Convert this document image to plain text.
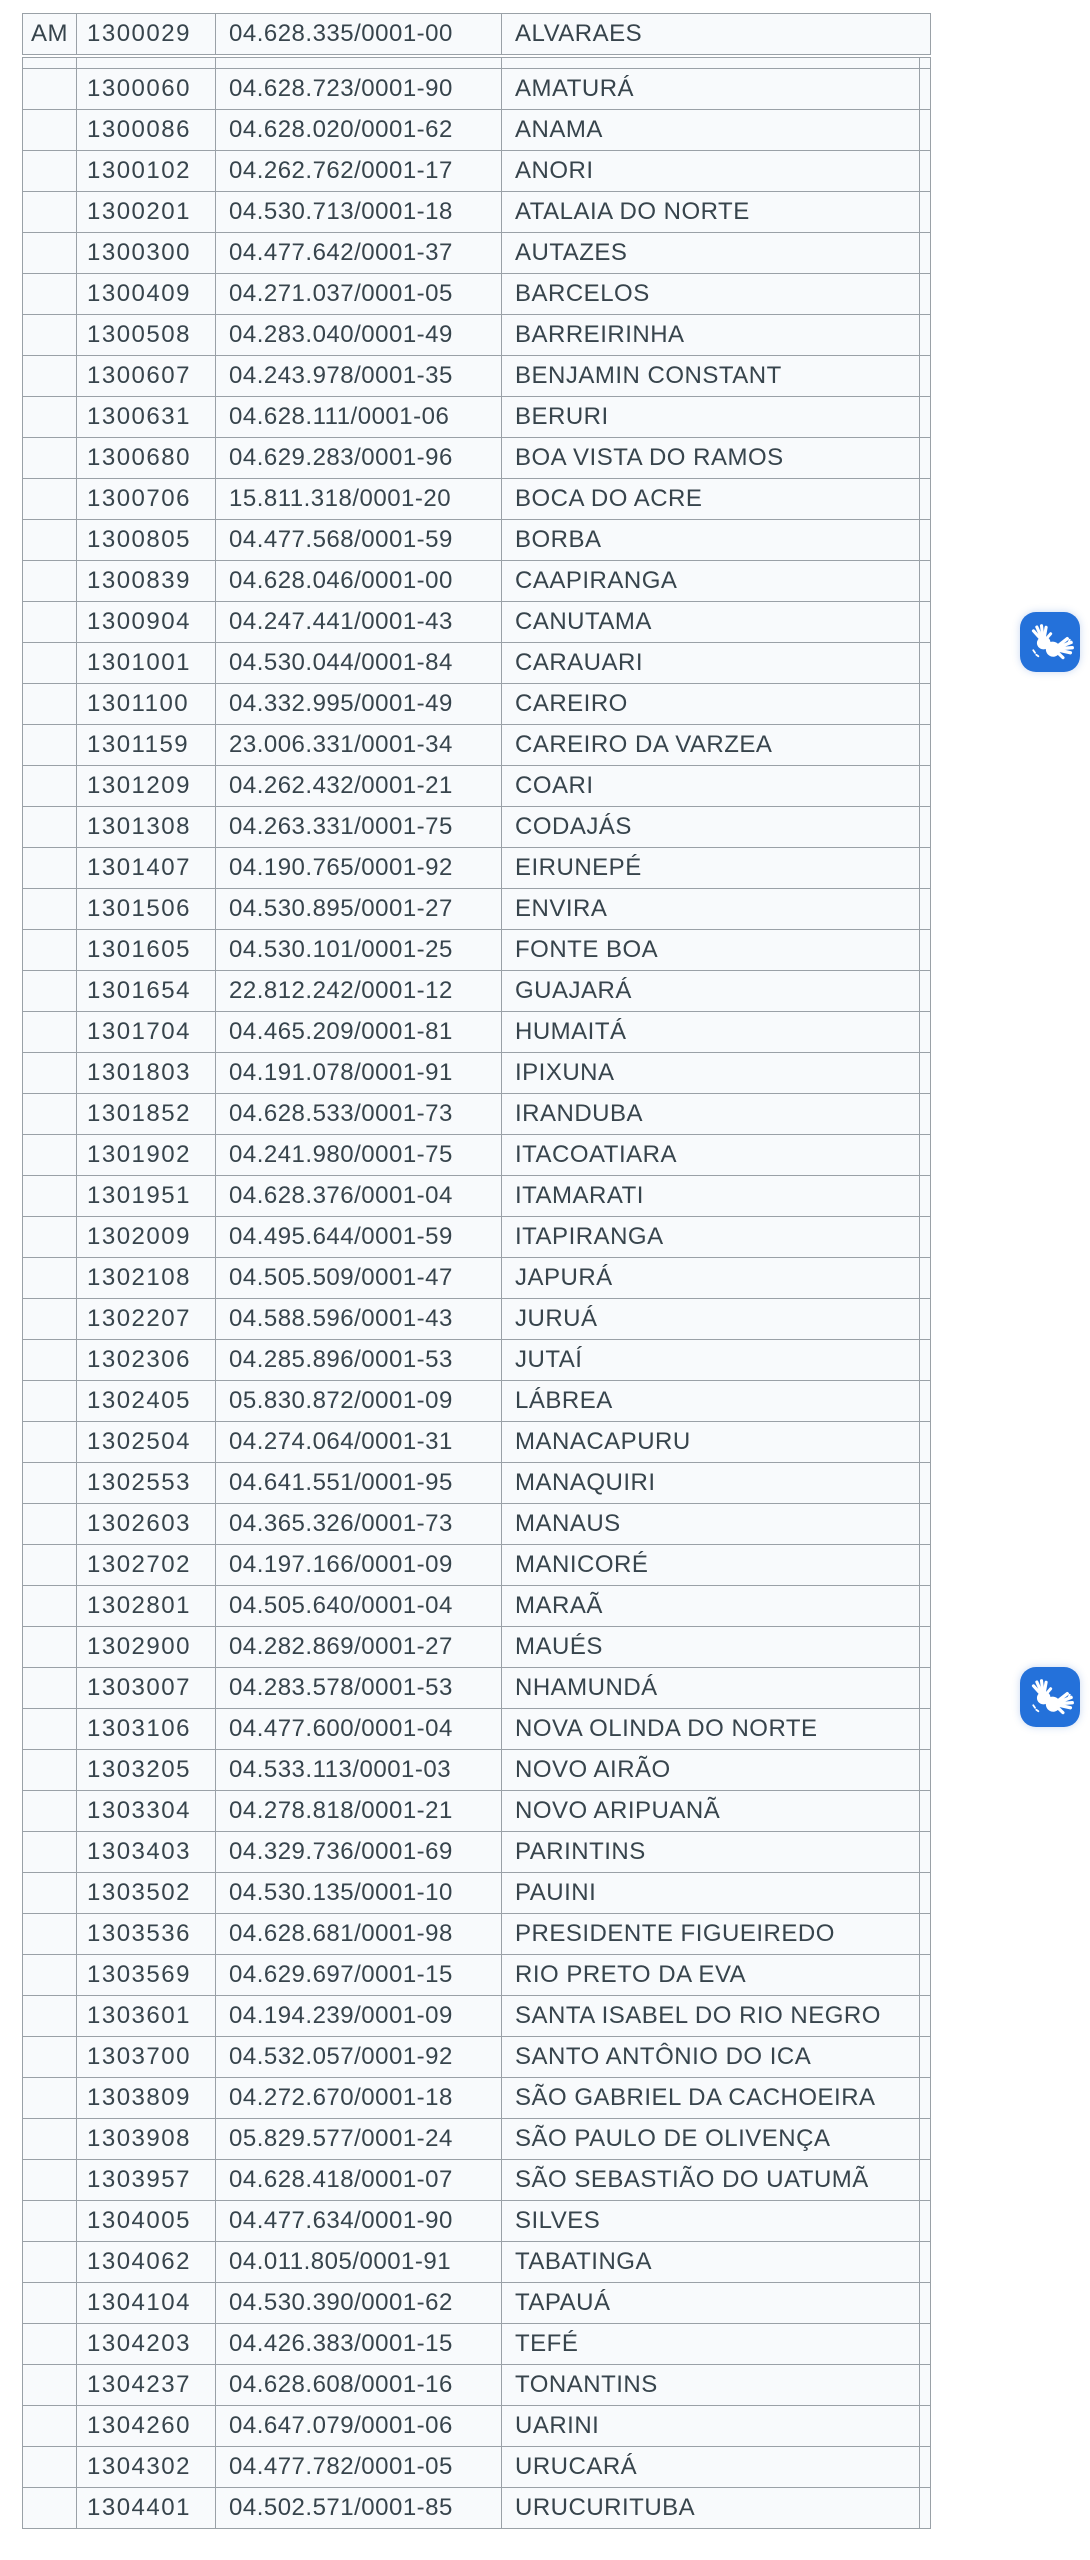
AM	1300029	04.628.335/0001-00	ALVARAES

	1300060	04.628.723/0001-90	AMATURÁ	
	1300086	04.628.020/0001-62	ANAMA	
	1300102	04.262.762/0001-17	ANORI	
	1300201	04.530.713/0001-18	ATALAIA DO NORTE	
	1300300	04.477.642/0001-37	AUTAZES	
	1300409	04.271.037/0001-05	BARCELOS	
	1300508	04.283.040/0001-49	BARREIRINHA	
	1300607	04.243.978/0001-35	BENJAMIN CONSTANT	
	1300631	04.628.111/0001-06	BERURI	
	1300680	04.629.283/0001-96	BOA VISTA DO RAMOS	
	1300706	15.811.318/0001-20	BOCA DO ACRE	
	1300805	04.477.568/0001-59	BORBA	
	1300839	04.628.046/0001-00	CAAPIRANGA	
	1300904	04.247.441/0001-43	CANUTAMA	
	1301001	04.530.044/0001-84	CARAUARI	
	1301100	04.332.995/0001-49	CAREIRO	
	1301159	23.006.331/0001-34	CAREIRO DA VARZEA	
	1301209	04.262.432/0001-21	COARI	
	1301308	04.263.331/0001-75	CODAJÁS	
	1301407	04.190.765/0001-92	EIRUNEPÉ	
	1301506	04.530.895/0001-27	ENVIRA	
	1301605	04.530.101/0001-25	FONTE BOA	
	1301654	22.812.242/0001-12	GUAJARÁ	
	1301704	04.465.209/0001-81	HUMAITÁ	
	1301803	04.191.078/0001-91	IPIXUNA	
	1301852	04.628.533/0001-73	IRANDUBA	
	1301902	04.241.980/0001-75	ITACOATIARA	
	1301951	04.628.376/0001-04	ITAMARATI	
	1302009	04.495.644/0001-59	ITAPIRANGA	
	1302108	04.505.509/0001-47	JAPURÁ	
	1302207	04.588.596/0001-43	JURUÁ	
	1302306	04.285.896/0001-53	JUTAÍ	
	1302405	05.830.872/0001-09	LÁBREA	
	1302504	04.274.064/0001-31	MANACAPURU	
	1302553	04.641.551/0001-95	MANAQUIRI	
	1302603	04.365.326/0001-73	MANAUS	
	1302702	04.197.166/0001-09	MANICORÉ	
	1302801	04.505.640/0001-04	MARAÃ	
	1302900	04.282.869/0001-27	MAUÉS	
	1303007	04.283.578/0001-53	NHAMUNDÁ	
	1303106	04.477.600/0001-04	NOVA OLINDA DO NORTE	
	1303205	04.533.113/0001-03	NOVO AIRÃO	
	1303304	04.278.818/0001-21	NOVO ARIPUANÃ	
	1303403	04.329.736/0001-69	PARINTINS	
	1303502	04.530.135/0001-10	PAUINI	
	1303536	04.628.681/0001-98	PRESIDENTE FIGUEIREDO	
	1303569	04.629.697/0001-15	RIO PRETO DA EVA	
	1303601	04.194.239/0001-09	SANTA ISABEL DO RIO NEGRO	
	1303700	04.532.057/0001-92	SANTO ANTÔNIO DO ICA	
	1303809	04.272.670/0001-18	SÃO GABRIEL DA CACHOEIRA	
	1303908	05.829.577/0001-24	SÃO PAULO DE OLIVENÇA	
	1303957	04.628.418/0001-07	SÃO SEBASTIÃO DO UATUMÃ	
	1304005	04.477.634/0001-90	SILVES	
	1304062	04.011.805/0001-91	TABATINGA	
	1304104	04.530.390/0001-62	TAPAUÁ	
	1304203	04.426.383/0001-15	TEFÉ	
	1304237	04.628.608/0001-16	TONANTINS	
	1304260	04.647.079/0001-06	UARINI	
	1304302	04.477.782/0001-05	URUCARÁ	
	1304401	04.502.571/0001-85	URUCURITUBA	
